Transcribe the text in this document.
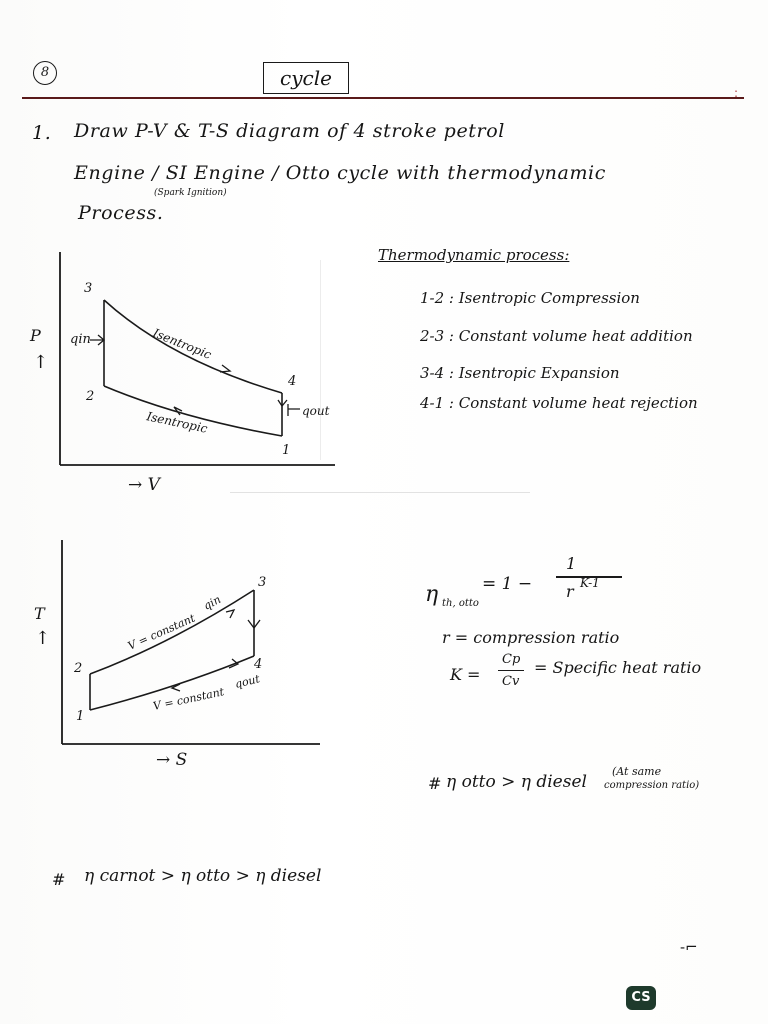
:
8	cycle
1. Draw P-V & T-S diagram of 4 stroke petrol
Engine / SI Engine / Otto cycle with thermodynamic
(Spark Ignition)
Process.
3
2
4
1
qin
qout
Isentropic
Isentropic
P
↑
→ V
Thermodynamic process:
1-2 : Isentropic Compression
2-3 : Constant volume heat addition
3-4 : Isentropic Expansion
4-1 : Constant volume heat rejection
3
2	4
1
V = constant
qin
V = constant
qout
T
↑
→ S
η th, otto
= 1 −
1
r K-1
r = compression ratio
K =
Cp
Cv
= Specific heat ratio
# η otto > η diesel
(At same
compression ratio)
# η carnot > η otto > η diesel
-⌐
CS
